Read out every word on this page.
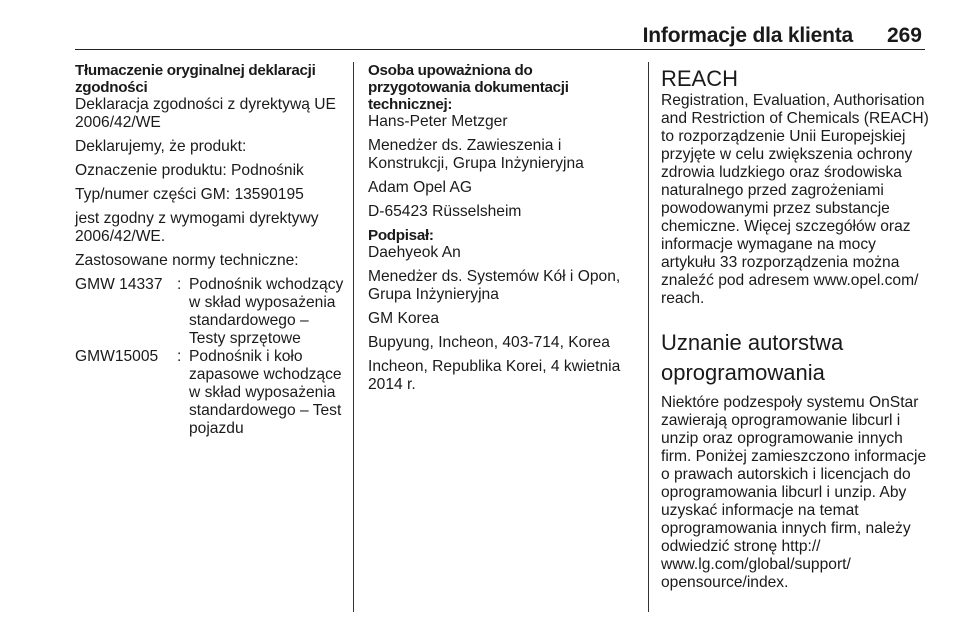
Informacje dla klienta 269
Tłumaczenie oryginalnej deklaracji zgodności
Deklaracja zgodności z dyrektywą UE 2006/42/WE
Deklarujemy, że produkt:
Oznaczenie produktu: Podnośnik
Typ/numer części GM: 13590195
jest zgodny z wymogami dyrektywy 2006/42/WE.
Zastosowane normy techniczne:
GMW 14337 : Podnośnik wchodzący w skład wyposażenia standardowego – Testy sprzętowe
GMW15005	: Podnośnik i koło zapasowe wchodzące w skład wyposażenia standardowego – Test pojazdu
Osoba upoważniona do przygotowania dokumentacji technicznej:
Hans-Peter Metzger
Menedżer ds. Zawieszenia i Konstrukcji, Grupa Inżynieryjna
Adam Opel AG
D-65423 Rüsselsheim
Podpisał:
Daehyeok An
Menedżer ds. Systemów Kół i Opon, Grupa Inżynieryjna
GM Korea
Bupyung, Incheon, 403-714, Korea
Incheon, Republika Korei, 4 kwietnia 2014 r.
REACH
Registration, Evaluation, Authorisation and Restriction of Chemicals (REACH) to rozporządzenie Unii Europejskiej przyjęte w celu zwiększenia ochrony zdrowia ludzkiego oraz środowiska naturalnego przed zagrożeniami powodowanymi przez substancje chemiczne. Więcej szczegółów oraz informacje wymagane na mocy artykułu 33 rozporządzenia można znaleźć pod adresem www.opel.com/ reach.
Uznanie autorstwa oprogramowania
Niektóre podzespoły systemu OnStar zawierają oprogramowanie libcurl i unzip oraz oprogramowanie innych firm. Poniżej zamieszczono informacje o prawach autorskich i licencjach do oprogramowania libcurl i unzip. Aby uzyskać informacje na temat oprogramowania innych firm, należy odwiedzić stronę http:// www.lg.com/global/support/ opensource/index.
